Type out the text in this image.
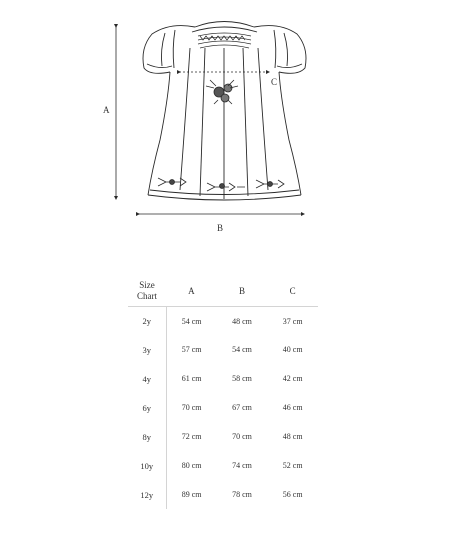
A
B
C
Size
Chart	A	B	C
2y	54 cm	48 cm	37 cm
3y	57 cm	54 cm	40 cm
4y	61 cm	58 cm	42 cm
6y	70 cm	67 cm	46 cm
8y	72 cm	70 cm	48 cm
10y	80 cm	74 cm	52 cm
12y	89 cm	78 cm	56 cm
